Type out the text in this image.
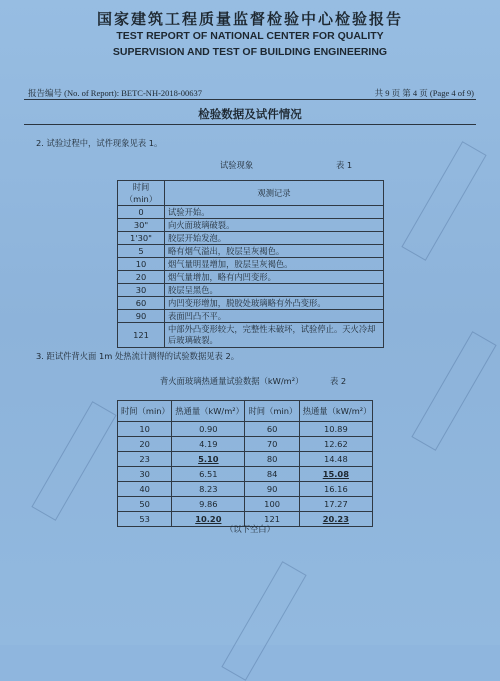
国家建筑工程质量监督检验中心检验报告
TEST REPORT OF NATIONAL CENTER FOR QUALITY
SUPERVISION AND TEST OF BUILDING ENGINEERING
报告编号 (No. of Report): BETC-NH-2018-00637	共 9 页 第 4 页 (Page 4 of 9)
检验数据及试件情况
2. 试验过程中，试件现象见表 1。
试验现象	表 1
时间（min）	观测记录
0	试验开始。
30"	向火面玻璃破裂。
1'30"	胶层开始发泡。
5	略有烟气溢出，胶层呈灰褐色。
10	烟气量明显增加，胶层呈灰褐色。
20	烟气量增加，略有内凹变形。
30	胶层呈黑色。
60	内凹变形增加，脱胶处玻璃略有外凸变形。
90	表面凹凸不平。
121	中部外凸变形较大，完整性未破坏，试验停止。天火冷却后玻璃破裂。
3. 距试件背火面 1m 处热流计测得的试验数据见表 2。
背火面玻璃热通量试验数据（kW/m²）	表 2
时间（min）	热通量（kW/m²）	时间（min）	热通量（kW/m²）
10	0.90	60	10.89
20	4.19	70	12.62
23	5.10	80	14.48
30	6.51	84	15.08
40	8.23	90	16.16
50	9.86	100	17.27
53	10.20	121	20.23
（以下空白）
